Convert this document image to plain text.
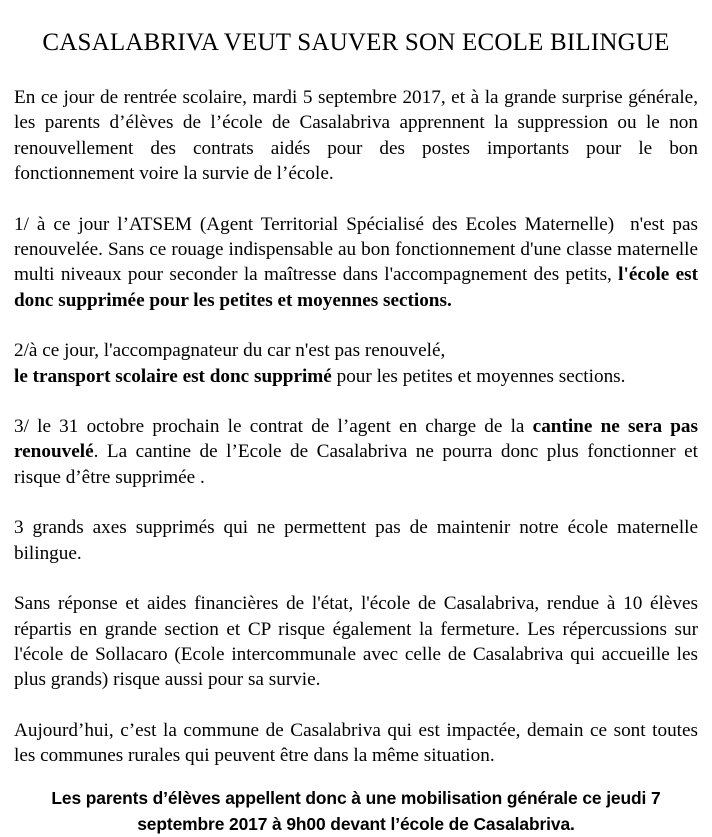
CASALABRIVA VEUT SAUVER SON ECOLE BILINGUE

En ce jour de rentrée scolaire, mardi 5 septembre 2017, et à la grande surprise générale, les parents d’élèves de l’école de Casalabriva apprennent la suppression ou le non renouvellement des contrats aidés pour des postes importants pour le bon fonctionnement voire la survie de l’école.

1/ à ce jour l’ATSEM (Agent Territorial Spécialisé des Ecoles Maternelle)  n'est pas renouvelée. Sans ce rouage indispensable au bon fonctionnement d'une classe maternelle multi niveaux pour seconder la maîtresse dans l'accompagnement des petits, l'école est donc supprimée pour les petites et moyennes sections.

2/à ce jour, l'accompagnateur du car n'est pas renouvelé,
le transport scolaire est donc supprimé pour les petites et moyennes sections.

3/ le 31 octobre prochain le contrat de l’agent en charge de la cantine ne sera pas renouvelé. La cantine de l’Ecole de Casalabriva ne pourra donc plus fonctionner et risque d’être supprimée .

3 grands axes supprimés qui ne permettent pas de maintenir notre école maternelle bilingue.

Sans réponse et aides financières de l'état, l'école de Casalabriva, rendue à 10 élèves répartis en grande section et CP risque également la fermeture. Les répercussions sur l'école de Sollacaro (Ecole intercommunale avec celle de Casalabriva qui accueille les plus grands) risque aussi pour sa survie.

Aujourd’hui, c’est la commune de Casalabriva qui est impactée, demain ce sont toutes les communes rurales qui peuvent être dans la même situation.

Les parents d’élèves appellent donc à une mobilisation générale ce jeudi 7
septembre 2017 à 9h00 devant l’école de Casalabriva.
